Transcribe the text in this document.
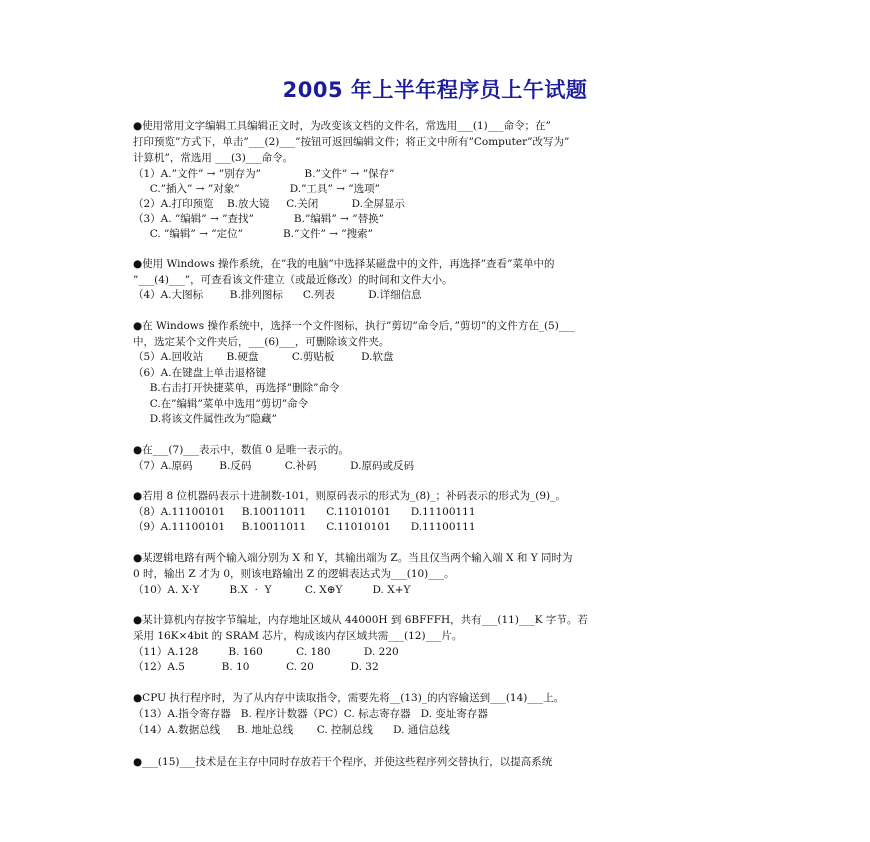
2005 年上半年程序员上午试题
●使用常用文字编辑工具编辑正文时，为改变该文档的文件名，常选用___(1)___命令；在”
打印预览”方式下，单击”___(2)___”按钮可返回编辑文件；将正文中所有”Computer”改写为”
计算机”，常选用 ___(3)___命令。
（1）A.”文件” → ”别存为”             B.”文件” → ”保存”
C.”插入” → ”对象”               D.”工具” → ”选项”
（2）A.打印预览    B.放大镜     C.关闭          D.全屏显示
（3）A. ”编辑” → ”查找”            B.”编辑” → ”替换”
C. ”编辑” → ”定位”            B.”文件” → ”搜索”
●使用 Windows 操作系统，在”我的电脑”中选择某磁盘中的文件，再选择”查看”菜单中的
”___(4)___”，可查看该文件建立（或最近修改）的时间和文件大小。
（4）A.大图标        B.排列图标      C.列表          D.详细信息
●在 Windows 操作系统中，选择一个文件图标，执行”剪切”命令后，”剪切”的文件方在_(5)___
中，选定某个文件夹后，___(6)___，可删除该文件夹。
（5）A.回收站       B.硬盘          C.剪贴板        D.软盘
（6）A.在键盘上单击退格键
B.右击打开快捷菜单，再选择”删除”命令
C.在”编辑”菜单中选用”剪切”命令
D.将该文件属性改为”隐藏”
●在___(7)___表示中，数值 0 是唯一表示的。
（7）A.原码        B.反码          C.补码          D.原码或反码
●若用 8 位机器码表示十进制数-101，则原码表示的形式为_(8)_；补码表示的形式为_(9)_。
（8）A.11100101     B.10011011      C.11010101      D.11100111
（9）A.11100101     B.10011011      C.11010101      D.11100111
●某逻辑电路有两个输入端分别为 X 和 Y，其输出端为 Z。当且仅当两个输入端 X 和 Y 同时为
0 时，输出 Z 才为 0，则该电路输出 Z 的逻辑表达式为___(10)___。
（10）A. X·Y         B.X  ·  Y          C. X⊕Y         D. X+Y
●某计算机内存按字节编址，内存地址区域从 44000H 到 6BFFFH，共有___(11)___K 字节。若
采用 16K×4bit 的 SRAM 芯片，构成该内存区域共需___(12)___片。
（11）A.128         B. 160          C. 180          D. 220
（12）A.5           B. 10           C. 20           D. 32
●CPU 执行程序时，为了从内存中读取指令，需要先将__(13)_的内容输送到___(14)___上。
（13）A.指令寄存器   B. 程序计数器（PC）C. 标志寄存器   D. 变址寄存器
（14）A.数据总线     B. 地址总线       C. 控制总线      D. 通信总线
●___(15)___技术是在主存中同时存放若干个程序，并使这些程序列交替执行，以提高系统
